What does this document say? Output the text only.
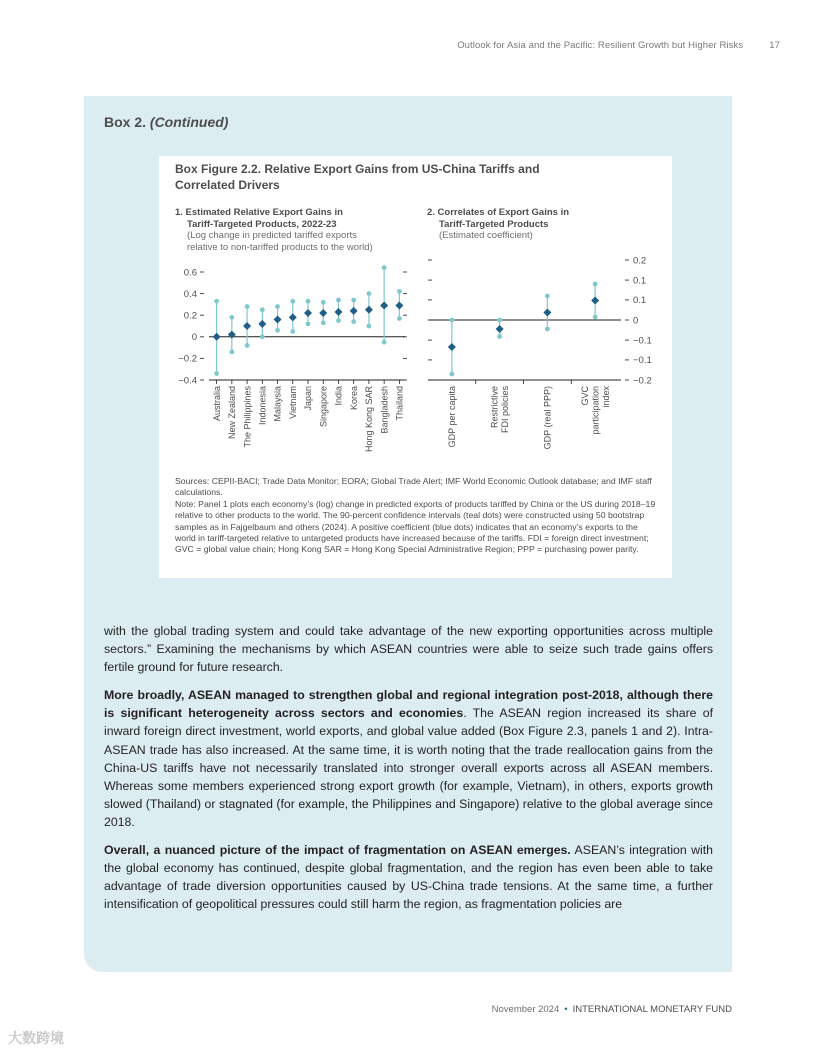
Outlook for Asia and the Pacific: Resilient Growth but Higher Risks	17
Box 2. (Continued)
Box Figure 2.2. Relative Export Gains from US-China Tariffs and
Correlated Drivers
1. Estimated Relative Export Gains in
Tariff-Targeted Products, 2022-23
(Log change in predicted tariffed exports
relative to non-tariffed products to the world)
2. Correlates of Export Gains in
Tariff-Targeted Products
(Estimated coefficient)
0.6
0.4
0.2
0
−0.2
−0.4
Australia New Zealand The Philippines Indonesia Malaysia Vietnam Japan Singapore India Korea Hong Kong SAR Bangladesh Thailand
0.2
0.1
0.1
0
−0.1
−0.1
−0.2
GDP per capita	Restrictive FDI policies	GDP (real PPP)	GVC participation index

Sources: CEPII-BACI; Trade Data Monitor; EORA; Global Trade Alert; IMF World Economic Outlook database; and IMF staff calculations.

Note: Panel 1 plots each economy’s (log) change in predicted exports of products tariffed by China or the US during 2018–19 relative to other products to the world. The 90-percent confidence intervals (teal dots) were constructed using 50 bootstrap samples as in Fajgelbaum and others (2024). A positive coefficient (blue dots) indicates that an economy’s exports to the world in tariff-targeted relative to untargeted products have increased because of the tariffs. FDI = foreign direct investment; GVC = global value chain; Hong Kong SAR = Hong Kong Special Administrative Region; PPP = purchasing power parity.

with the global trading system and could take advantage of the new exporting opportunities across multiple sectors.” Examining the mechanisms by which ASEAN countries were able to seize such trade gains offers fertile ground for future research.

More broadly, ASEAN managed to strengthen global and regional integration post-2018, although there is significant heterogeneity across sectors and economies. The ASEAN region increased its share of inward foreign direct investment, world exports, and global value added (Box Figure 2.3, panels 1 and 2). Intra-ASEAN trade has also increased. At the same time, it is worth noting that the trade reallocation gains from the China-US tariffs have not necessarily translated into stronger overall exports across all ASEAN members. Whereas some members experienced strong export growth (for example, Vietnam), in others, exports growth slowed (Thailand) or stagnated (for example, the Philippines and Singapore) relative to the global average since 2018.

Overall, a nuanced picture of the impact of fragmentation on ASEAN emerges. ASEAN’s integration with the global economy has continued, despite global fragmentation, and the region has even been able to take advantage of trade diversion opportunities caused by US-China trade tensions. At the same time, a further intensification of geopolitical pressures could still harm the region, as fragmentation policies are

November 2024 • INTERNATIONAL MONETARY FUND
大数跨境
